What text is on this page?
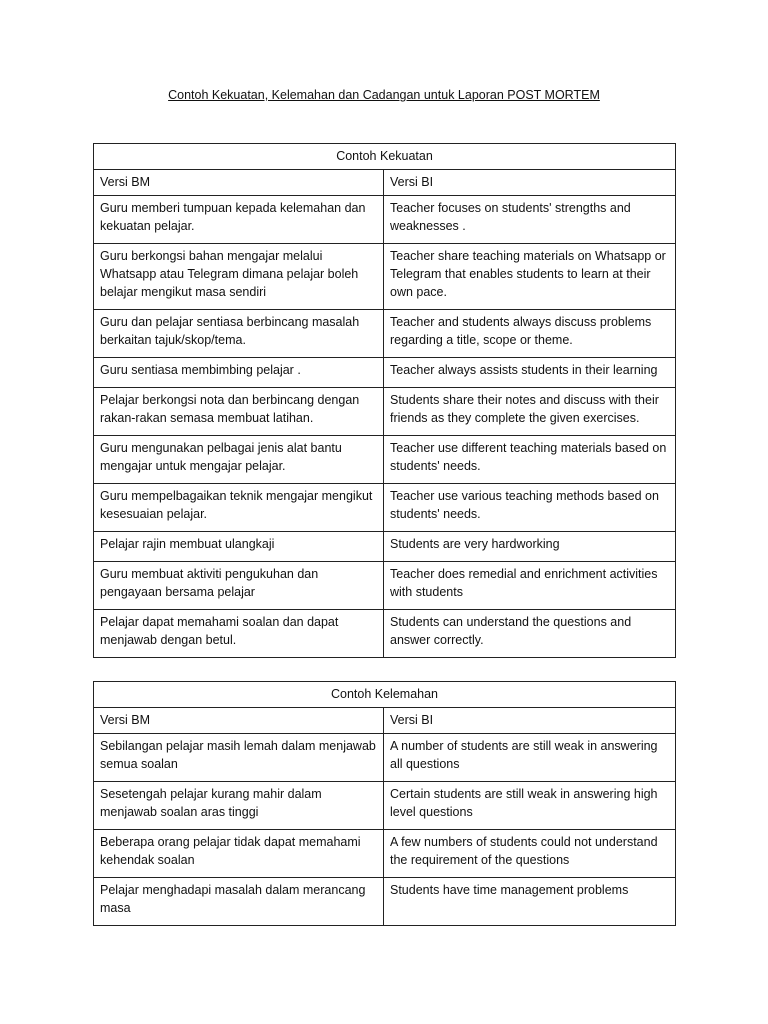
Contoh Kekuatan, Kelemahan dan Cadangan untuk Laporan POST MORTEM
Contoh Kekuatan	
Versi BM	Versi BI
Guru memberi tumpuan kepada kelemahan dan kekuatan pelajar.	Teacher focuses on students' strengths and weaknesses .
Guru berkongsi bahan mengajar melalui Whatsapp atau Telegram dimana pelajar boleh belajar mengikut masa sendiri	Teacher share teaching materials on Whatsapp or Telegram that enables students to learn at their own pace.
Guru dan pelajar sentiasa berbincang masalah berkaitan tajuk/skop/tema.	Teacher and students always discuss problems regarding a title, scope or theme.
Guru sentiasa membimbing pelajar .	Teacher always assists students in their learning
Pelajar berkongsi nota dan berbincang dengan rakan-rakan semasa membuat latihan.	Students share their notes and discuss with their friends as they complete the given exercises.
Guru mengunakan pelbagai jenis alat bantu mengajar untuk mengajar pelajar.	Teacher use different teaching materials based on students' needs.
Guru mempelbagaikan teknik mengajar mengikut kesesuaian pelajar.	Teacher use various teaching methods based on students' needs.
Pelajar rajin membuat ulangkaji	Students are very hardworking
Guru membuat aktiviti pengukuhan dan pengayaan bersama pelajar	Teacher does remedial and enrichment activities with students
Pelajar dapat memahami soalan dan dapat menjawab dengan betul.	Students can understand the questions and answer correctly.
Contoh Kelemahan	
Versi BM	Versi BI
Sebilangan pelajar masih lemah dalam menjawab semua soalan	A number of students are still weak in answering all questions
Sesetengah pelajar kurang mahir dalam menjawab soalan aras tinggi	Certain students are still weak in answering high level questions
Beberapa orang pelajar tidak dapat memahami kehendak soalan	A few numbers of students could not understand the requirement of the questions
Pelajar menghadapi masalah dalam merancang masa	Students have time management problems
